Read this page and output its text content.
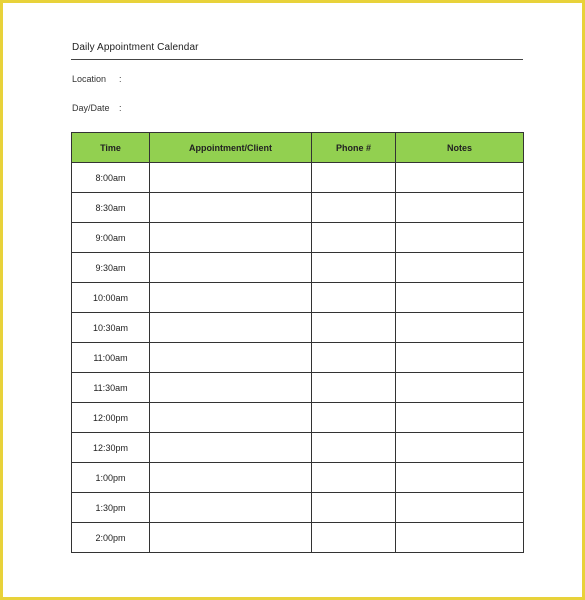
Daily Appointment Calendar
Location :
Day/Date :
Time	Appointment/Client	Phone #	Notes
8:00am			
8:30am			
9:00am			
9:30am			
10:00am			
10:30am			
11:00am			
11:30am			
12:00pm			
12:30pm			
1:00pm			
1:30pm			
2:00pm			
